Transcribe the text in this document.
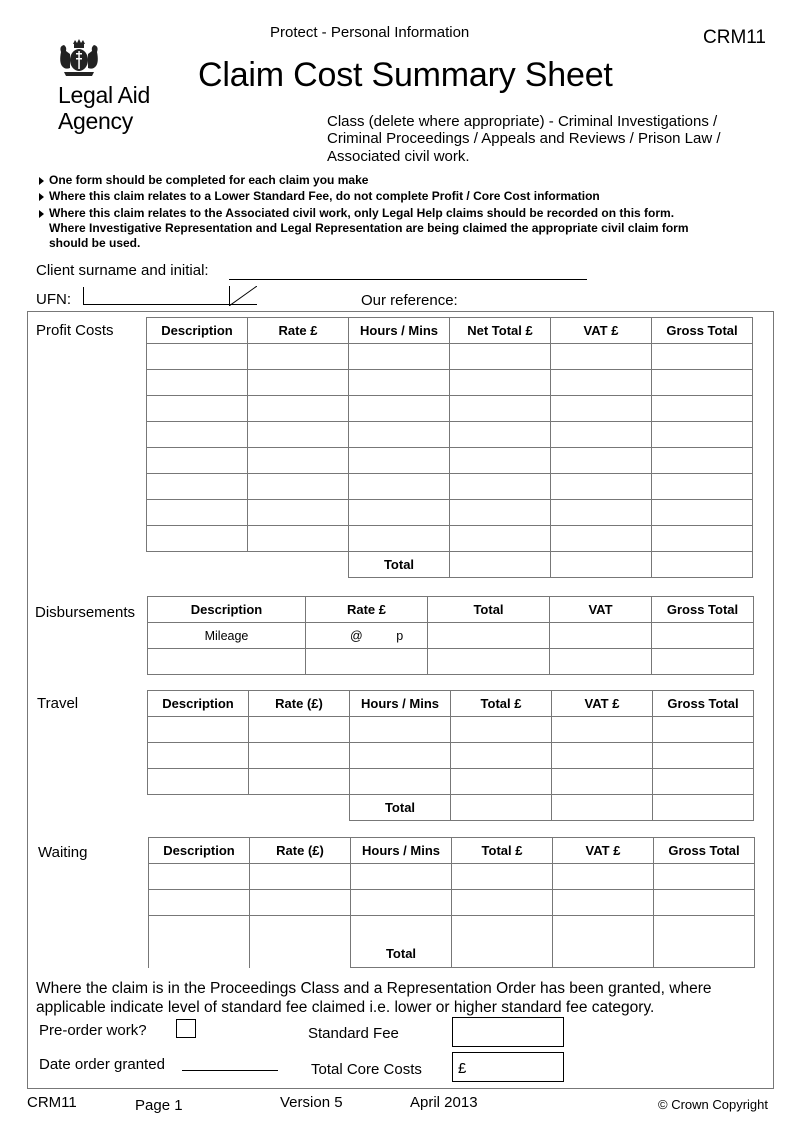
Protect - Personal Information	CRM11
Legal Aid
Agency
Claim Cost Summary Sheet
Class (delete where appropriate) - Criminal Investigations /
Criminal Proceedings / Appeals and Reviews / Prison Law /
Associated civil work.
One form should be completed for each claim you make
Where this claim relates to a Lower Standard Fee, do not complete Profit / Core Cost information
Where this claim relates to the Associated civil work, only Legal Help claims should be recorded on this form.
Where Investigative Representation and Legal Representation are being claimed the appropriate civil claim form
should be used.
Client surname and initial:
UFN:	Our reference:
Profit Costs	Description	Rate £	Hours / Mins	Net Total £	VAT £	Gross Total

		Total			
Disbursements	Description	Rate £	Total	VAT	Gross Total
Mileage	@ p			

Travel	Description	Rate (£)	Hours / Mins	Total £	VAT £	Gross Total

		Total			
Waiting	Description	Rate (£)	Hours / Mins	Total £	VAT £	Gross Total

		Total			
Where the claim is in the Proceedings Class and a Representation Order has been granted, where
applicable indicate level of standard fee claimed i.e. lower or higher standard fee category.
Pre-order work?	Standard Fee
Date order granted	Total Core Costs £
CRM11	Page 1	Version 5	April 2013	© Crown Copyright
